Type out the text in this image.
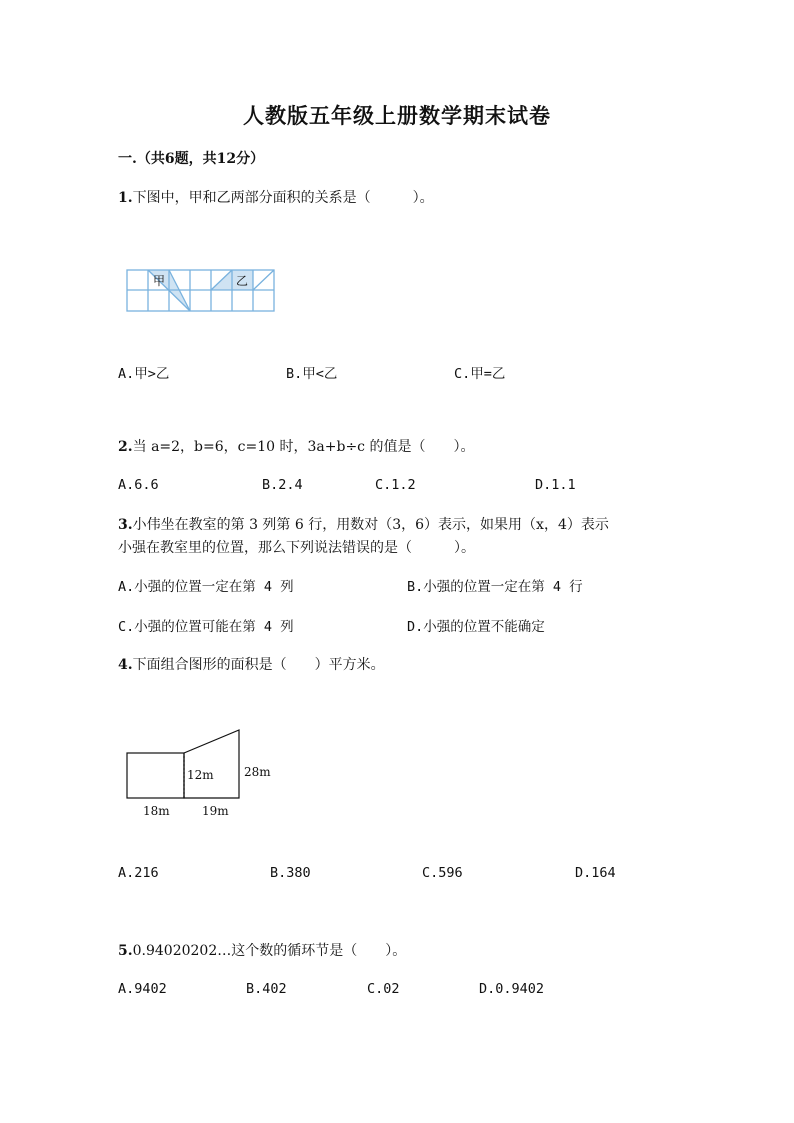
人教版五年级上册数学期末试卷
一.（共6题，共12分）
1.下图中，甲和乙两部分面积的关系是（　　　）。
甲	乙
A.甲>乙	B.甲<乙	C.甲=乙
2.当 a=2，b=6，c=10 时，3a+b÷c 的值是（　　）。
A.6.6	B.2.4	C.1.2	D.1.1
3.小伟坐在教室的第 3 列第 6 行，用数对（3，6）表示，如果用（x，4）表示
小强在教室里的位置，那么下列说法错误的是（　　　）。
A.小强的位置一定在第 4 列	B.小强的位置一定在第 4 行
C.小强的位置可能在第 4 列	D.小强的位置不能确定
4.下面组合图形的面积是（　　）平方米。
12m	28m
18m	19m
A.216	B.380	C.596	D.164
5.0.94020202…这个数的循环节是（　　）。
A.9402	B.402	C.02	D.0.9402
